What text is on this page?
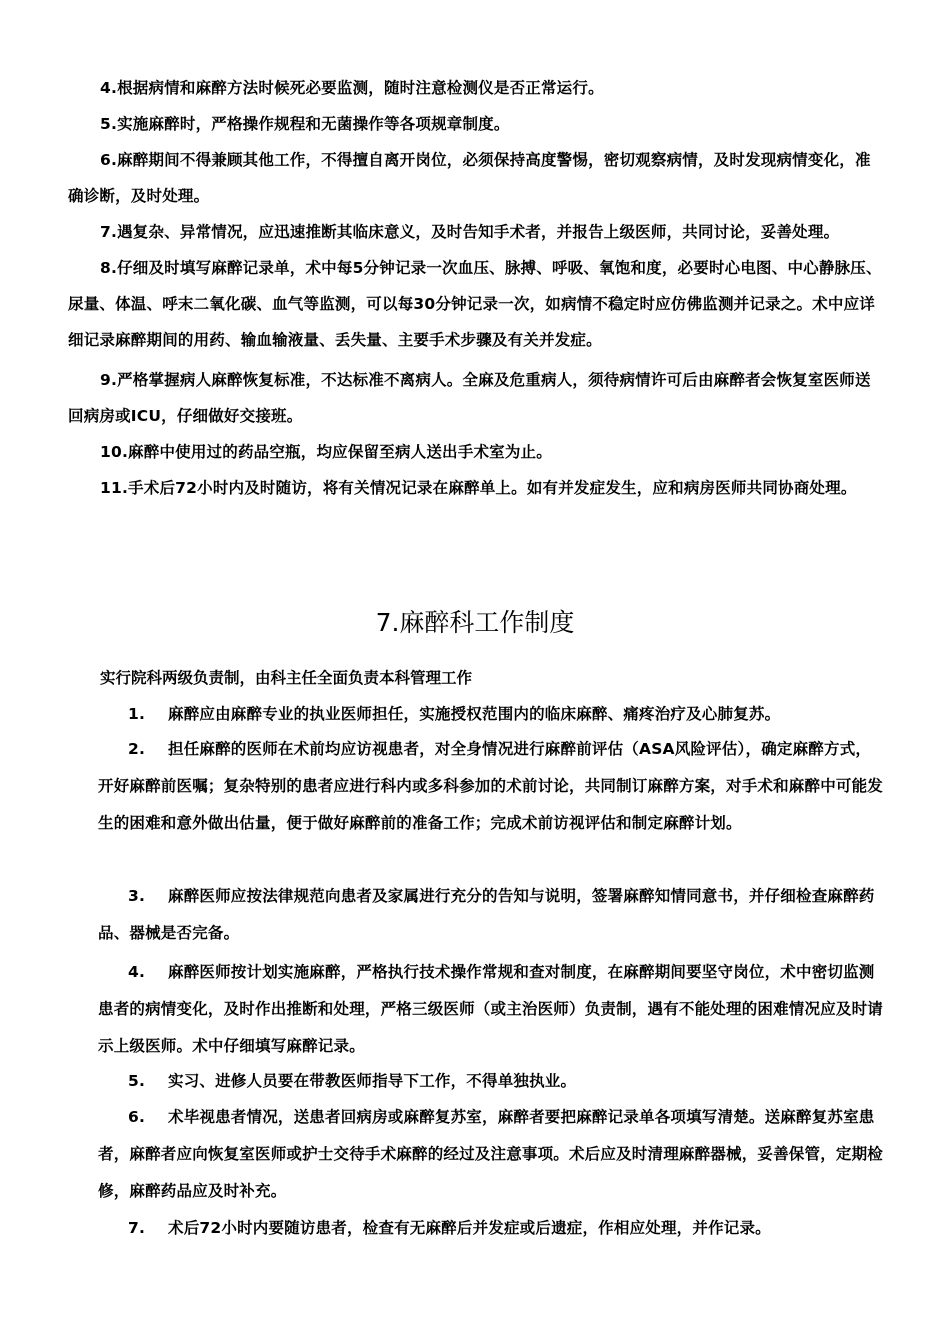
4.根据病情和麻醉方法时候死必要监测，随时注意检测仪是否正常运行。

5.实施麻醉时，严格操作规程和无菌操作等各项规章制度。

6.麻醉期间不得兼顾其他工作，不得擅自离开岗位，必须保持高度警惕，密切观察病情，及时发现病情变化，准确诊断，及时处理。

7.遇复杂、异常情况，应迅速推断其临床意义，及时告知手术者，并报告上级医师，共同讨论，妥善处理。

8.仔细及时填写麻醉记录单，术中每5分钟记录一次血压、脉搏、呼吸、氧饱和度，必要时心电图、中心静脉压、尿量、体温、呼末二氧化碳、血气等监测，可以每30分钟记录一次，如病情不稳定时应仿佛监测并记录之。术中应详细记录麻醉期间的用药、输血输液量、丢失量、主要手术步骤及有关并发症。

9.严格掌握病人麻醉恢复标准，不达标准不离病人。全麻及危重病人，须待病情许可后由麻醉者会恢复室医师送回病房或ICU，仔细做好交接班。

10.麻醉中使用过的药品空瓶，均应保留至病人送出手术室为止。

11.手术后72小时内及时随访，将有关情况记录在麻醉单上。如有并发症发生，应和病房医师共同协商处理。

7.麻醉科工作制度

实行院科两级负责制，由科主任全面负责本科管理工作

1. 麻醉应由麻醉专业的执业医师担任，实施授权范围内的临床麻醉、痛疼治疗及心肺复苏。

2. 担任麻醉的医师在术前均应访视患者，对全身情况进行麻醉前评估（ASA风险评估），确定麻醉方式，开好麻醉前医嘱；复杂特别的患者应进行科内或多科参加的术前讨论，共同制订麻醉方案，对手术和麻醉中可能发生的困难和意外做出估量，便于做好麻醉前的准备工作；完成术前访视评估和制定麻醉计划。

3. 麻醉医师应按法律规范向患者及家属进行充分的告知与说明，签署麻醉知情同意书，并仔细检查麻醉药品、器械是否完备。

4. 麻醉医师按计划实施麻醉，严格执行技术操作常规和查对制度，在麻醉期间要坚守岗位，术中密切监测患者的病情变化，及时作出推断和处理，严格三级医师（或主治医师）负责制，遇有不能处理的困难情况应及时请示上级医师。术中仔细填写麻醉记录。

5. 实习、进修人员要在带教医师指导下工作，不得单独执业。

6. 术毕视患者情况，送患者回病房或麻醉复苏室，麻醉者要把麻醉记录单各项填写清楚。送麻醉复苏室患者，麻醉者应向恢复室医师或护士交待手术麻醉的经过及注意事项。术后应及时清理麻醉器械，妥善保管，定期检修，麻醉药品应及时补充。

7. 术后72小时内要随访患者，检查有无麻醉后并发症或后遗症，作相应处理，并作记录。
